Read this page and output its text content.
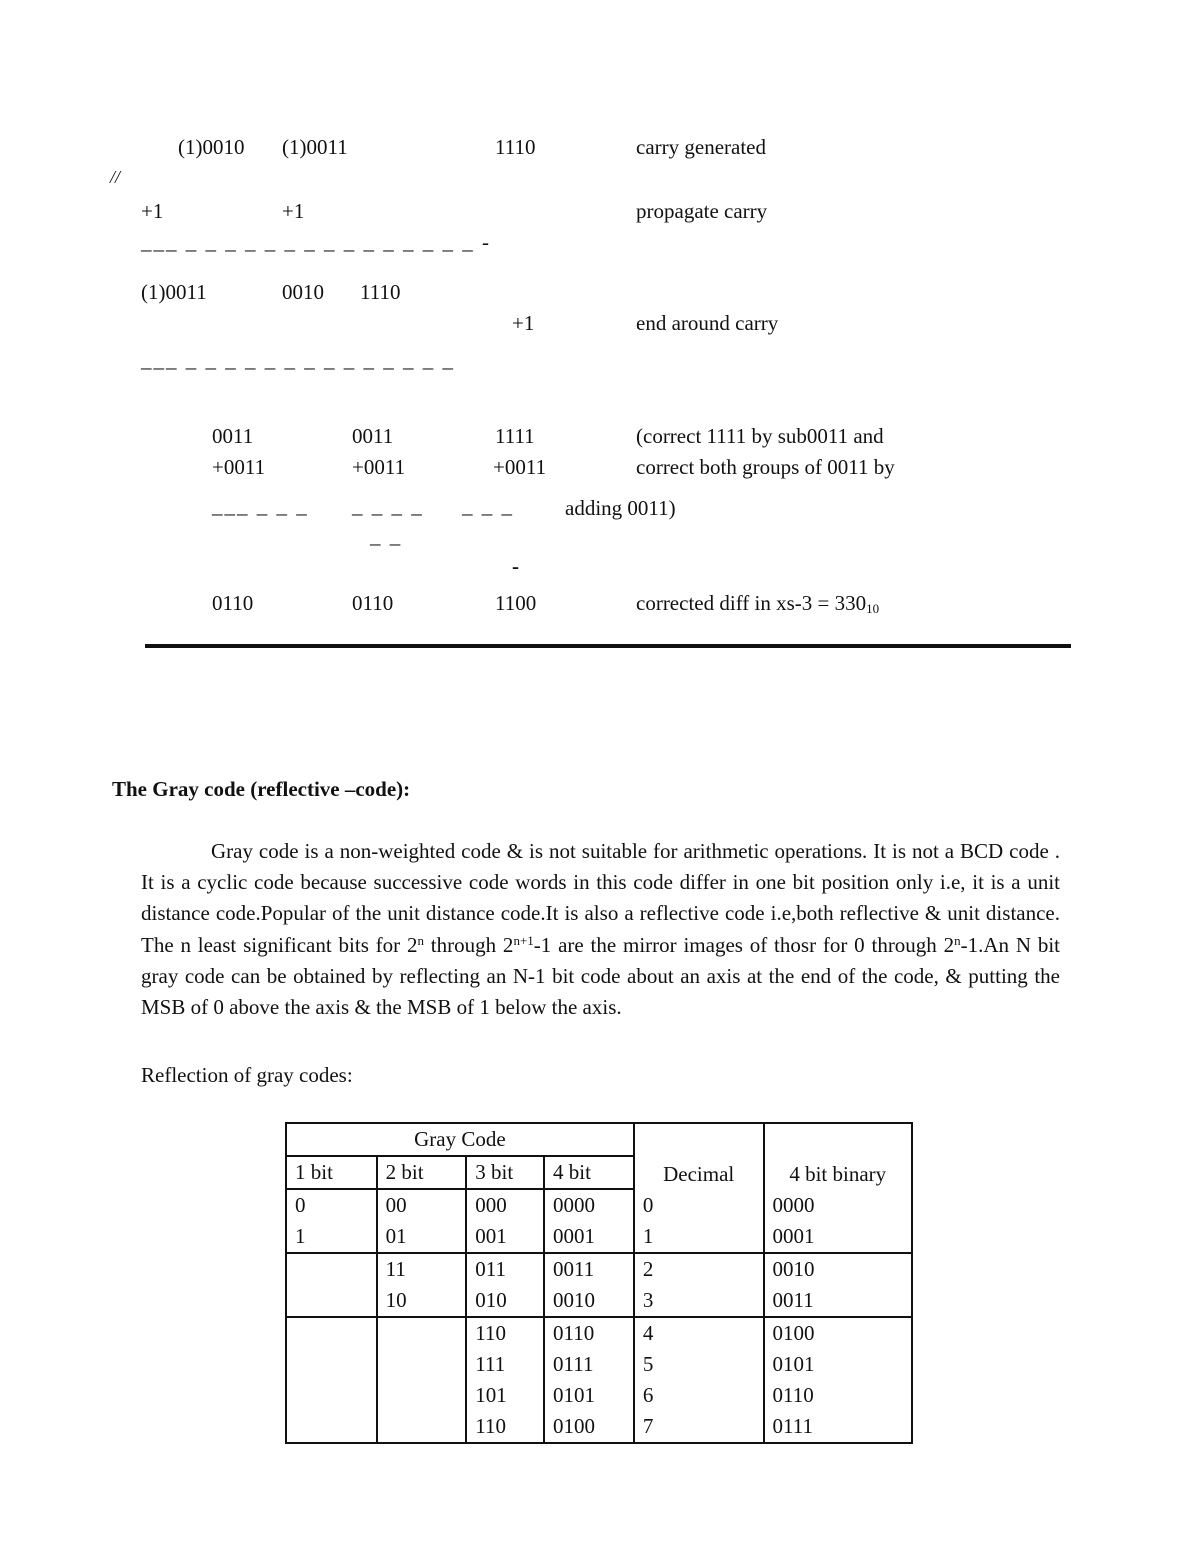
(1)0010 (1)0011	1110	carry generated
//
+1	+1	propagate carry
___ _ _ _ _ _ _ _ _ _ _ _ _ _ _ _ -
(1)0011	0010 1110
+1	end around carry
___ _ _ _ _ _ _ _ _ _ _ _ _ _ _
0011	0011	1111	(correct 1111 by sub0011 and
+0011	+0011	+0011	correct both groups of 0011 by
___ _ _ _ _ _ _ _ _ _ _ adding 0011)
_ _
-
0110	0110	1100	corrected diff in $xs-3 = 330_{10}$
The Gray code (reflective –code):

Gray code is a non-weighted code & is not suitable for arithmetic operations. It is not a BCD code . It is a cyclic code because successive code words in this code differ in one bit position only i.e, it is a unit distance code.Popular of the unit distance code.It is also a reflective code i.e,both reflective & unit distance. The n least significant bits for 2$^n$ through $2^{n+1}-1$ are the mirror images of thosr for 0 through 2$^n$-1.An N bit gray code can be obtained by reflecting an N-1 bit code about an axis at the end of the code, & putting the MSB of 0 above the axis & the MSB of 1 below the axis.

Reflection of gray codes:
Gray Code				Decimal	4 bit binary
1 bit	2 bit	3 bit	4 bit		
0	00	000	0000	0	0000
1	01	001	0001	1	0001
	11	011	0011	2	0010
	10	010	0010	3	0011
		110	0110	4	0100
		111	0111	5	0101
		101	0101	6	0110
		110	0100	7	0111
